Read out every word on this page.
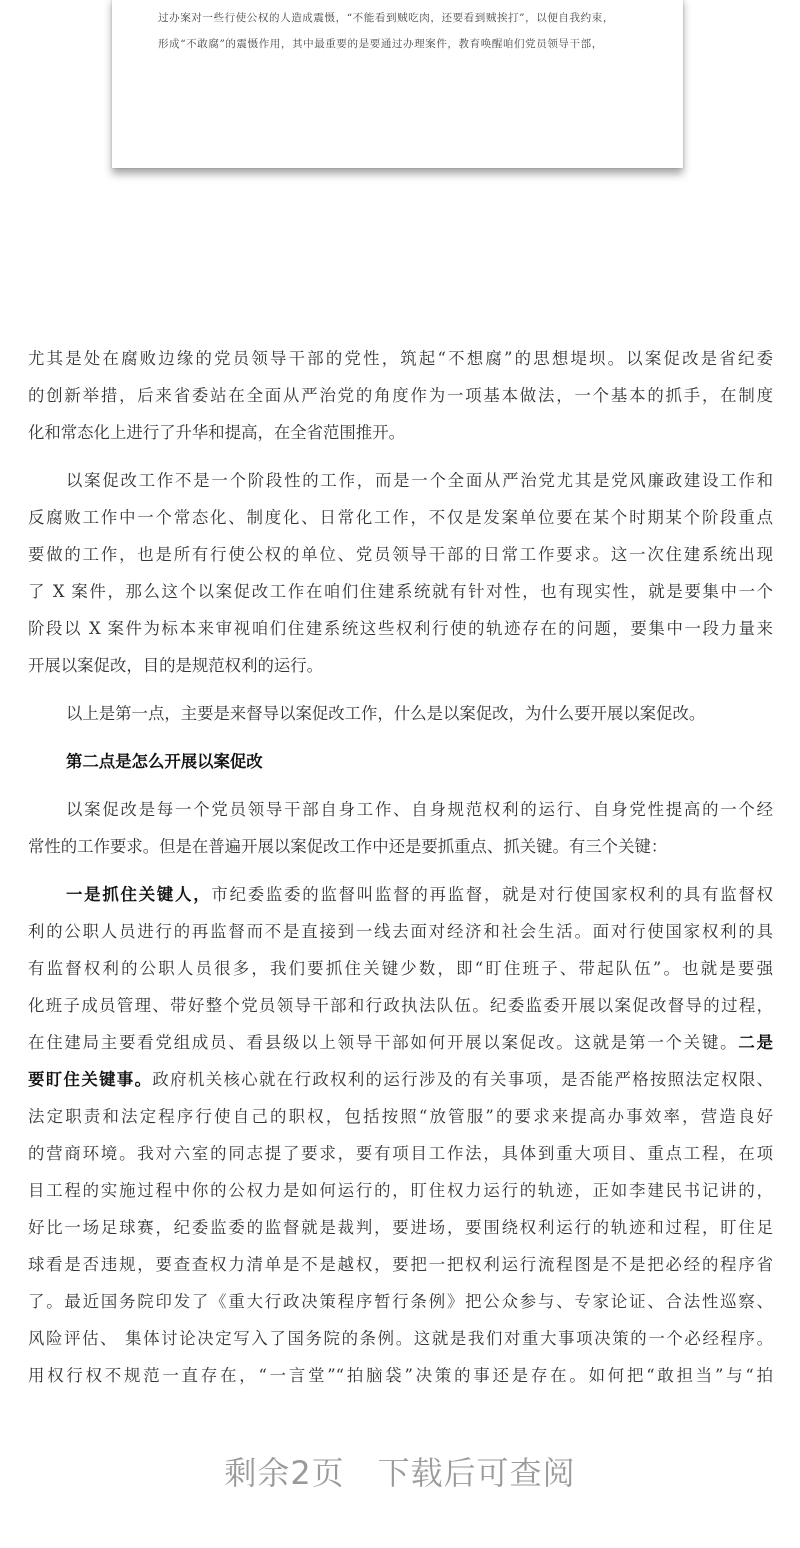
过办案对一些行使公权的人造成震慑，“不能看到贼吃肉，还要看到贼挨打”，以便自我约束，
形成“不敢腐”的震慑作用，其中最重要的是要通过办理案件，教育唤醒咱们党员领导干部，
尤其是处在腐败边缘的党员领导干部的党性，筑起“不想腐”的思想堤坝。以案促改是省纪委
的创新举措，后来省委站在全面从严治党的角度作为一项基本做法，一个基本的抓手，在制度
化和常态化上进行了升华和提高，在全省范围推开。
以案促改工作不是一个阶段性的工作，而是一个全面从严治党尤其是党风廉政建设工作和
反腐败工作中一个常态化、制度化、日常化工作，不仅是发案单位要在某个时期某个阶段重点
要做的工作，也是所有行使公权的单位、党员领导干部的日常工作要求。这一次住建系统出现
了 X 案件，那么这个以案促改工作在咱们住建系统就有针对性，也有现实性，就是要集中一个
阶段以 X 案件为标本来审视咱们住建系统这些权利行使的轨迹存在的问题，要集中一段力量来
开展以案促改，目的是规范权利的运行。
以上是第一点，主要是来督导以案促改工作，什么是以案促改，为什么要开展以案促改。
第二点是怎么开展以案促改
以案促改是每一个党员领导干部自身工作、自身规范权利的运行、自身党性提高的一个经
常性的工作要求。但是在普遍开展以案促改工作中还是要抓重点、抓关键。有三个关键：
一是抓住关键人，市纪委监委的监督叫监督的再监督，就是对行使国家权利的具有监督权
利的公职人员进行的再监督而不是直接到一线去面对经济和社会生活。面对行使国家权利的具
有监督权利的公职人员很多，我们要抓住关键少数，即“盯住班子、带起队伍”。也就是要强
化班子成员管理、带好整个党员领导干部和行政执法队伍。纪委监委开展以案促改督导的过程，
在住建局主要看党组成员、看县级以上领导干部如何开展以案促改。这就是第一个关键。二是
要盯住关键事。政府机关核心就在行政权利的运行涉及的有关事项，是否能严格按照法定权限、
法定职责和法定程序行使自己的职权，包括按照“放管服”的要求来提高办事效率，营造良好
的营商环境。我对六室的同志提了要求，要有项目工作法，具体到重大项目、重点工程，在项
目工程的实施过程中你的公权力是如何运行的，盯住权力运行的轨迹，正如李建民书记讲的，
好比一场足球赛，纪委监委的监督就是裁判，要进场，要围绕权利运行的轨迹和过程，盯住足
球看是否违规，要查查权力清单是不是越权，要把一把权利运行流程图是不是把必经的程序省
了。最近国务院印发了《重大行政决策程序暂行条例》把公众参与、专家论证、合法性巡察、
风险评估、 集体讨论决定写入了国务院的条例。这就是我们对重大事项决策的一个必经程序。
用权行权不规范一直存在，“一言堂”“拍脑袋”决策的事还是存在。如何把“敢担当”与“拍
剩余2页　下载后可查阅
